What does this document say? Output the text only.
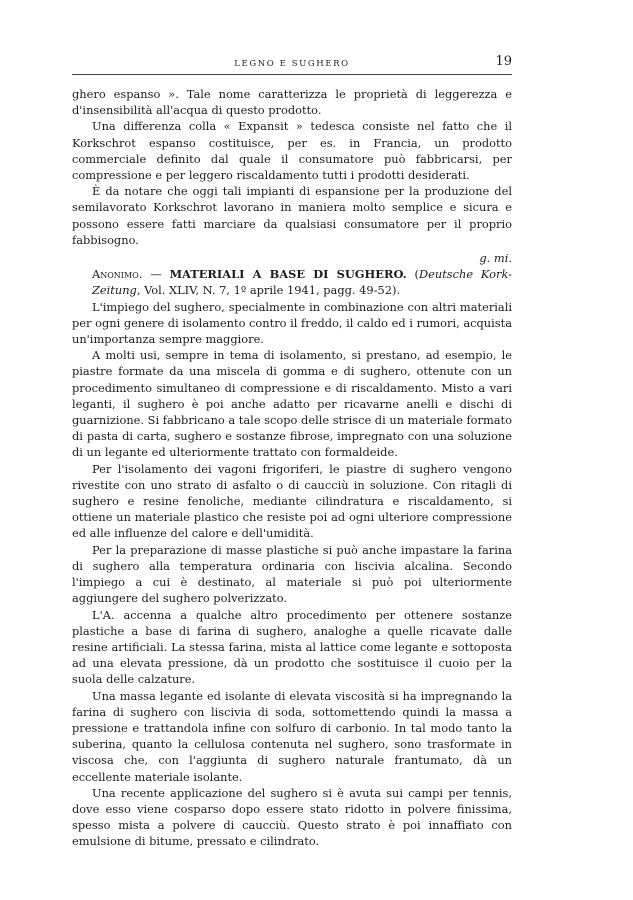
LEGNO E SUGHERO	19

ghero espanso ». Tale nome caratterizza le proprietà di leggerezza e d'insensibilità all'acqua di questo prodotto.

Una differenza colla « Expansit » tedesca consiste nel fatto che il Korkschrot espanso costituisce, per es. in Francia, un prodotto commerciale definito dal quale il consumatore può fabbricarsi, per compressione e per leggero riscaldamento tutti i prodotti desiderati.

È da notare che oggi tali impianti di espansione per la produzione del semilavorato Korkschrot lavorano in maniera molto semplice e sicura e possono essere fatti marciare da qualsiasi consumatore per il proprio fabbisogno.

g. mi.

Anonimo. — MATERIALI A BASE DI SUGHERO. (Deutsche Kork-Zeitung, Vol. XLIV, N. 7, 1º aprile 1941, pagg. 49-52).

L'impiego del sughero, specialmente in combinazione con altri materiali per ogni genere di isolamento contro il freddo, il caldo ed i rumori, acquista un'importanza sempre maggiore.

A molti usi, sempre in tema di isolamento, si prestano, ad esempio, le piastre formate da una miscela di gomma e di sughero, ottenute con un procedimento simultaneo di compressione e di riscaldamento. Misto a vari leganti, il sughero è poi anche adatto per ricavarne anelli e dischi di guarnizione. Si fabbricano a tale scopo delle strisce di un materiale formato di pasta di carta, sughero e sostanze fibrose, impregnato con una soluzione di un legante ed ulteriormente trattato con formaldeide.

Per l'isolamento dei vagoni frigoriferi, le piastre di sughero vengono rivestite con uno strato di asfalto o di caucciù in soluzione. Con ritagli di sughero e resine fenoliche, mediante cilindratura e riscaldamento, si ottiene un materiale plastico che resiste poi ad ogni ulteriore compressione ed alle influenze del calore e dell'umidità.

Per la preparazione di masse plastiche si può anche impastare la farina di sughero alla temperatura ordinaria con liscivia alcalina. Secondo l'impiego a cui è destinato, al materiale si può poi ulteriormente aggiungere del sughero polverizzato.

L'A. accenna a qualche altro procedimento per ottenere sostanze plastiche a base di farina di sughero, analoghe a quelle ricavate dalle resine artificiali. La stessa farina, mista al lattice come legante e sottoposta ad una elevata pressione, dà un prodotto che sostituisce il cuoio per la suola delle calzature.

Una massa legante ed isolante di elevata viscosità si ha impregnando la farina di sughero con liscivia di soda, sottomettendo quindi la massa a pressione e trattandola infine con solfuro di carbonio. In tal modo tanto la suberina, quanto la cellulosa contenuta nel sughero, sono trasformate in viscosa che, con l'aggiunta di sughero naturale frantumato, dà un eccellente materiale isolante.

Una recente applicazione del sughero si è avuta sui campi per tennis, dove esso viene cosparso dopo essere stato ridotto in polvere finissima, spesso mista a polvere di caucciù. Questo strato è poi innaffiato con emulsione di bitume, pressato e cilindrato.
